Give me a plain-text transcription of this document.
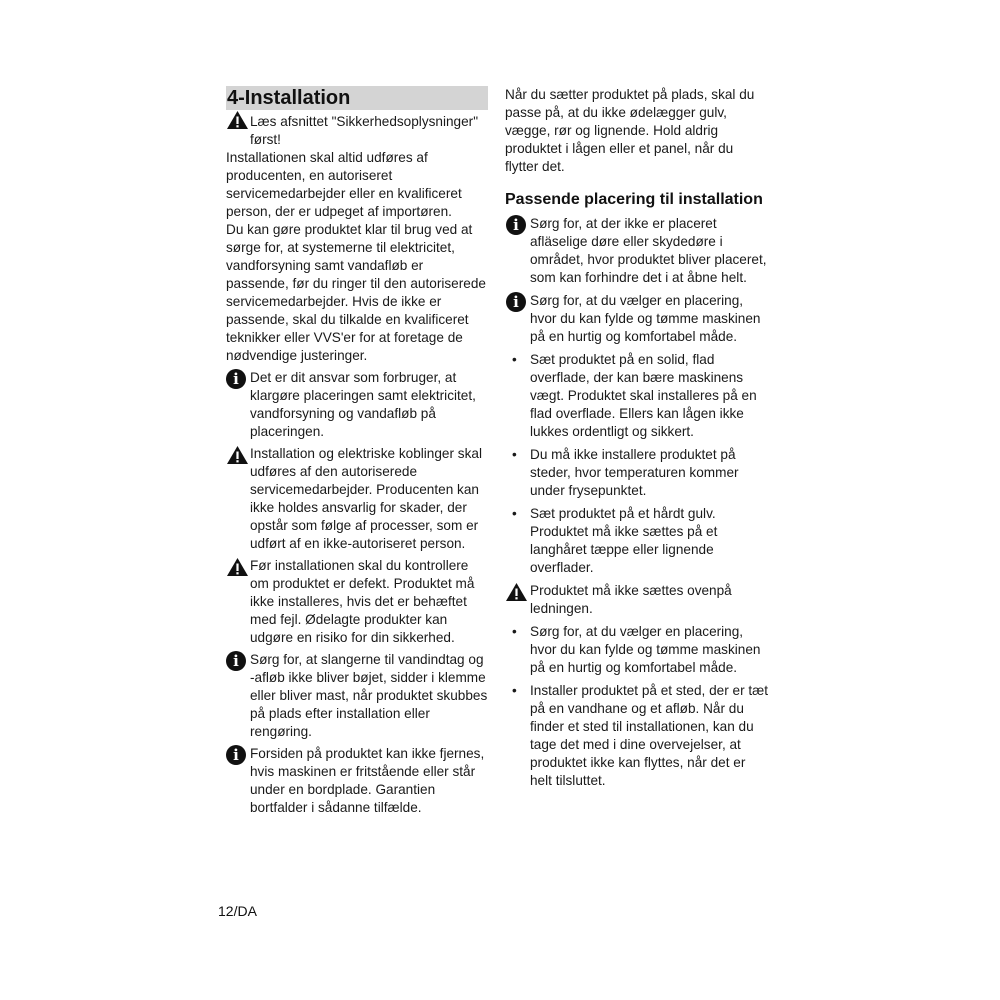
4-Installation

Læs afsnittet "Sikkerhedsoplysninger" først!

Installationen skal altid udføres af producenten, en autoriseret servicemedarbejder eller en kvalificeret person, der er udpeget af importøren.

Du kan gøre produktet klar til brug ved at sørge for, at systemerne til elektricitet, vandforsyning samt vandafløb er passende, før du ringer til den autoriserede servicemedarbejder. Hvis de ikke er passende, skal du tilkalde en kvalificeret teknikker eller VVS'er for at foretage de nødvendige justeringer.

i Det er dit ansvar som forbruger, at klargøre placeringen samt elektricitet, vandforsyning og vandafløb på placeringen.
Installation og elektriske koblinger skal udføres af den autoriserede servicemedarbejder. Producenten kan ikke holdes ansvarlig for skader, der opstår som følge af processer, som er udført af en ikke-autoriseret person.
Før installationen skal du kontrollere om produktet er defekt. Produktet må ikke installeres, hvis det er behæftet med fejl. Ødelagte produkter kan udgøre en risiko for din sikkerhed.
i Sørg for, at slangerne til vandindtag og -afløb ikke bliver bøjet, sidder i klemme eller bliver mast, når produktet skubbes på plads efter installation eller rengøring.
i Forsiden på produktet kan ikke fjernes, hvis maskinen er fritstående eller står under en bordplade. Garantien bortfalder i sådanne tilfælde.

Når du sætter produktet på plads, skal du passe på, at du ikke ødelægger gulv, vægge, rør og lignende. Hold aldrig produktet i lågen eller et panel, når du flytter det.

Passende placering til installation
i Sørg for, at der ikke er placeret afläselige døre eller skydedøre i området, hvor produktet bliver placeret, som kan forhindre det i at åbne helt.
i Sørg for, at du vælger en placering, hvor du kan fylde og tømme maskinen på en hurtig og komfortabel måde.
• Sæt produktet på en solid, flad overflade, der kan bære maskinens vægt. Produktet skal installeres på en flad overflade. Ellers kan lågen ikke lukkes ordentligt og sikkert.
• Du må ikke installere produktet på steder, hvor temperaturen kommer under frysepunktet.
• Sæt produktet på et hårdt gulv. Produktet må ikke sættes på et langhåret tæppe eller lignende overflader.
Produktet må ikke sættes ovenpå ledningen.
• Sørg for, at du vælger en placering, hvor du kan fylde og tømme maskinen på en hurtig og komfortabel måde.
• Installer produktet på et sted, der er tæt på en vandhane og et afløb. Når du finder et sted til installationen, kan du tage det med i dine overvejelser, at produktet ikke kan flyttes, når det er helt tilsluttet.
12/DA
